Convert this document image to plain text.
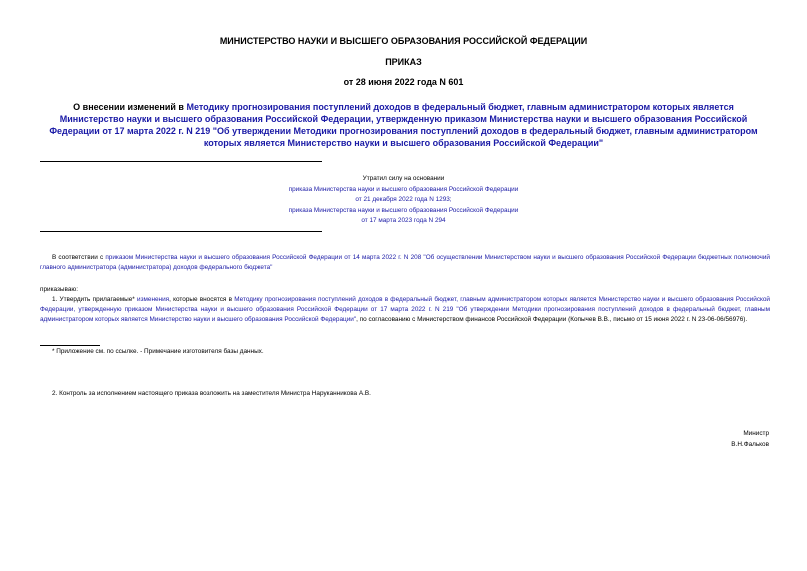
МИНИСТЕРСТВО НАУКИ И ВЫСШЕГО ОБРАЗОВАНИЯ РОССИЙСКОЙ ФЕДЕРАЦИИ
ПРИКАЗ
от 28 июня 2022 года N 601
О внесении изменений в Методику прогнозирования поступлений доходов в федеральный бюджет, главным администратором которых является Министерство науки и высшего образования Российской Федерации, утвержденную приказом Министерства науки и высшего образования Российской Федерации от 17 марта 2022 г. N 219 "Об утверждении Методики прогнозирования поступлений доходов в федеральный бюджет, главным администратором которых является Министерство науки и высшего образования Российской Федерации"
Утратил силу на основании
приказа Министерства науки и высшего образования Российской Федерации
от 21 декабря 2022 года N 1293;
приказа Министерства науки и высшего образования Российской Федерации
от 17 марта 2023 года N 294
В соответствии с приказом Министерства науки и высшего образования Российской Федерации от 14 марта 2022 г. N 208 "Об осуществлении Министерством науки и высшего образования Российской Федерации бюджетных полномочий главного администратора (администратора) доходов федерального бюджета"
приказываю:
1. Утвердить прилагаемые* изменения, которые вносятся в Методику прогнозирования поступлений доходов в федеральный бюджет, главным администратором которых является Министерство науки и высшего образования Российской Федерации, утвержденную приказом Министерства науки и высшего образования Российской Федерации от 17 марта 2022 г. N 219 "Об утверждении Методики прогнозирования поступлений доходов в федеральный бюджет, главным администратором которых является Министерство науки и высшего образования Российской Федерации", по согласованию с Министерством финансов Российской Федерации (Копычев В.В., письмо от 15 июня 2022 г. N 23-06-06/56976).
* Приложение см. по ссылке. - Примечание изготовителя базы данных.
2. Контроль за исполнением настоящего приказа возложить на заместителя Министра Наруканникова А.В.
Министр
В.Н.Фальков
